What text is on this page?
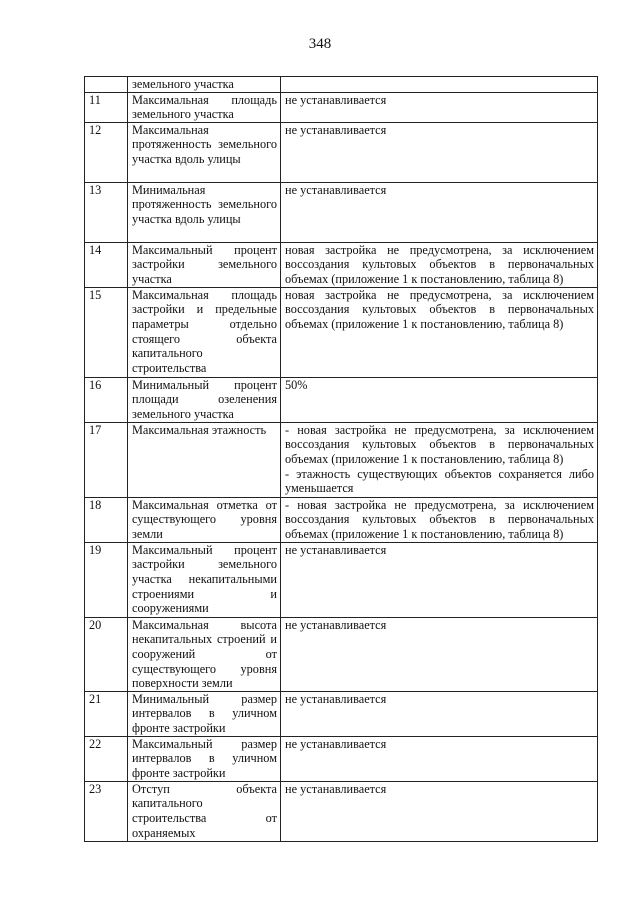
348
	земельного участка	

11	Максимальная площадь земельного участка	не устанавливается

12	Максимальная протяженность земельного участка вдоль улицы	не устанавливается

13	Минимальная протяженность земельного участка вдоль улицы	не устанавливается

14	Максимальный процент застройки земельного участка	новая застройка не предусмотрена, за исключением воссоздания культовых объектов в первоначальных объемах (приложение 1 к постановлению, таблица 8)

15	Максимальная площадь застройки и предельные параметры отдельно стоящего объекта капитального строительства	новая застройка не предусмотрена, за исключением воссоздания культовых объектов в первоначальных объемах (приложение 1 к постановлению, таблица 8)

16	Минимальный процент площади озеленения земельного участка	50%

17	Максимальная этажность	- новая застройка не предусмотрена, за исключением воссоздания культовых объектов в первоначальных объемах (приложение 1 к постановлению, таблица 8)
- этажность существующих объектов сохраняется либо уменьшается

18	Максимальная отметка от существующего уровня земли	- новая застройка не предусмотрена, за исключением воссоздания культовых объектов в первоначальных объемах (приложение 1 к постановлению, таблица 8)

19	Максимальный процент застройки земельного участка некапитальными строениями и сооружениями	не устанавливается

20	Максимальная высота некапитальных строений и сооружений от существующего уровня поверхности земли	не устанавливается

21	Минимальный размер интервалов в уличном фронте застройки	не устанавливается

22	Максимальный размер интервалов в уличном фронте застройки	не устанавливается

23	Отступ объекта капитального строительства от охраняемых	не устанавливается
